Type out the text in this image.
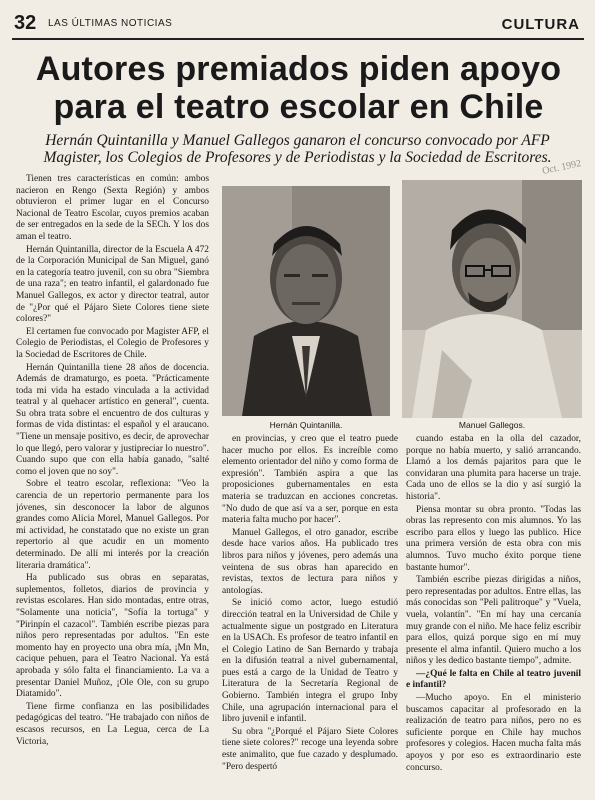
32 LAS ÚLTIMAS NOTICIAS	CULTURA
Autores premiados piden apoyo para el teatro escolar en Chile
Hernán Quintanilla y Manuel Gallegos ganaron el concurso convocado por AFP Magister, los Colegios de Profesores y de Periodistas y la Sociedad de Escritores.
Oct. 1992

Tienen tres características en común: ambos nacieron en Rengo (Sexta Región) y ambos obtuvieron el primer lugar en el Concurso Nacional de Teatro Escolar, cuyos premios acaban de ser entregados en la sede de la SECh. Y los dos aman el teatro.

Hernán Quintanilla, director de la Escuela A 472 de la Corporación Municipal de San Miguel, ganó en la categoría teatro juvenil, con su obra "Siembra de una raza"; en teatro infantil, el galardonado fue Manuel Gallegos, ex actor y director teatral, autor de "¿Por qué el Pájaro Siete Colores tiene siete colores?"

El certamen fue convocado por Magister AFP, el Colegio de Periodistas, el Colegio de Profesores y la Sociedad de Escritores de Chile.

Hernán Quintanilla tiene 28 años de docencia. Además de dramaturgo, es poeta. "Prácticamente toda mi vida ha estado vinculada a la actividad teatral y al quehacer artístico en general", cuenta. Su obra trata sobre el encuentro de dos culturas y formas de vida distintas: el español y el araucano. "Tiene un mensaje positivo, es decir, de aprovechar lo que llegó, pero valorar y justipreciar lo nuestro". Cuando supo que con ella había ganado, "salté como el joven que no soy".

Sobre el teatro escolar, reflexiona: "Veo la carencia de un repertorio permanente para los jóvenes, sin desconocer la labor de algunos grandes como Alicia Morel, Manuel Gallegos. Por mi actividad, he constatado que no existe un gran repertorio al que acudir en un momento determinado. De allí mi interés por la creación literaria dramática".

Ha publicado sus obras en separatas, suplementos, folletos, diarios de provincia y revistas escolares. Han sido montadas, entre otras, "Solamente una noticia", "Sofía la tortuga" y "Pirinpín el cazacol". También escribe piezas para niños pero representadas por adultos. "En este momento hay en proyecto una obra mía, ¡Mn Mn, cacique pehuen, para el Teatro Nacional. Ya está aprobada y sólo falta el financiamiento. La va a presentar Daniel Muñoz, ¡Ole Ole, con su grupo Diatamido".

Tiene firme confianza en las posibilidades pedagógicas del teatro. "He trabajado con niños de escasos recursos, en La Legua, cerca de La Victoria,

Hernán Quintanilla.	Manuel Gallegos.

en provincias, y creo que el teatro puede hacer mucho por ellos. Es increíble como elemento orientador del niño y como forma de expresión". También aspira a que las proposiciones gubernamentales en esta materia se traduzcan en acciones concretas. "No dudo de que así va a ser, porque en esta materia falta mucho por hacer".

Manuel Gallegos, el otro ganador, escribe desde hace varios años. Ha publicado tres libros para niños y jóvenes, pero además una veintena de sus obras han aparecido en revistas, textos de lectura para niños y antologías.

Se inició como actor, luego estudió dirección teatral en la Universidad de Chile y actualmente sigue un postgrado en Literatura en la USACh. Es profesor de teatro infantil en el Colegio Latino de San Bernardo y trabaja en la difusión teatral a nivel gubernamental, pues está a cargo de la Unidad de Teatro y Literatura de la Secretaría Regional de Gobierno. También integra el grupo Inby Chile, una agrupación internacional para el libro juvenil e infantil.

Su obra "¿Porqué el Pájaro Siete Colores tiene siete colores?" recoge una leyenda sobre este animalito, que fue cazado y desplumado. "Pero despertó

cuando estaba en la olla del cazador, porque no había muerto, y salió arrancando. Llamó a los demás pajaritos para que le convidaran una plumita para hacerse un traje. Cada uno de ellos se la dio y así surgió la historia".

Piensa montar su obra pronto. "Todas las obras las represento con mis alumnos. Yo las escribo para ellos y luego las publico. Hice una primera versión de esta obra con mis alumnos. Tuvo mucho éxito porque tiene bastante humor".

También escribe piezas dirigidas a niños, pero representadas por adultos. Entre ellas, las más conocidas son "Peli palitroque" y "Vuela, vuela, volantín". "En mí hay una cercanía muy grande con el niño. Me hace feliz escribir para ellos, quizá porque sigo en mí muy presente el alma infantil. Quiero mucho a los niños y les dedico bastante tiempo", admite.

—¿Qué le falta en Chile al teatro juvenil e infantil?

—Mucho apoyo. En el ministerio buscamos capacitar al profesorado en la realización de teatro para niños, pero no es suficiente porque en Chile hay muchos profesores y colegios. Hacen mucha falta más apoyos y por eso es extraordinario este concurso.
